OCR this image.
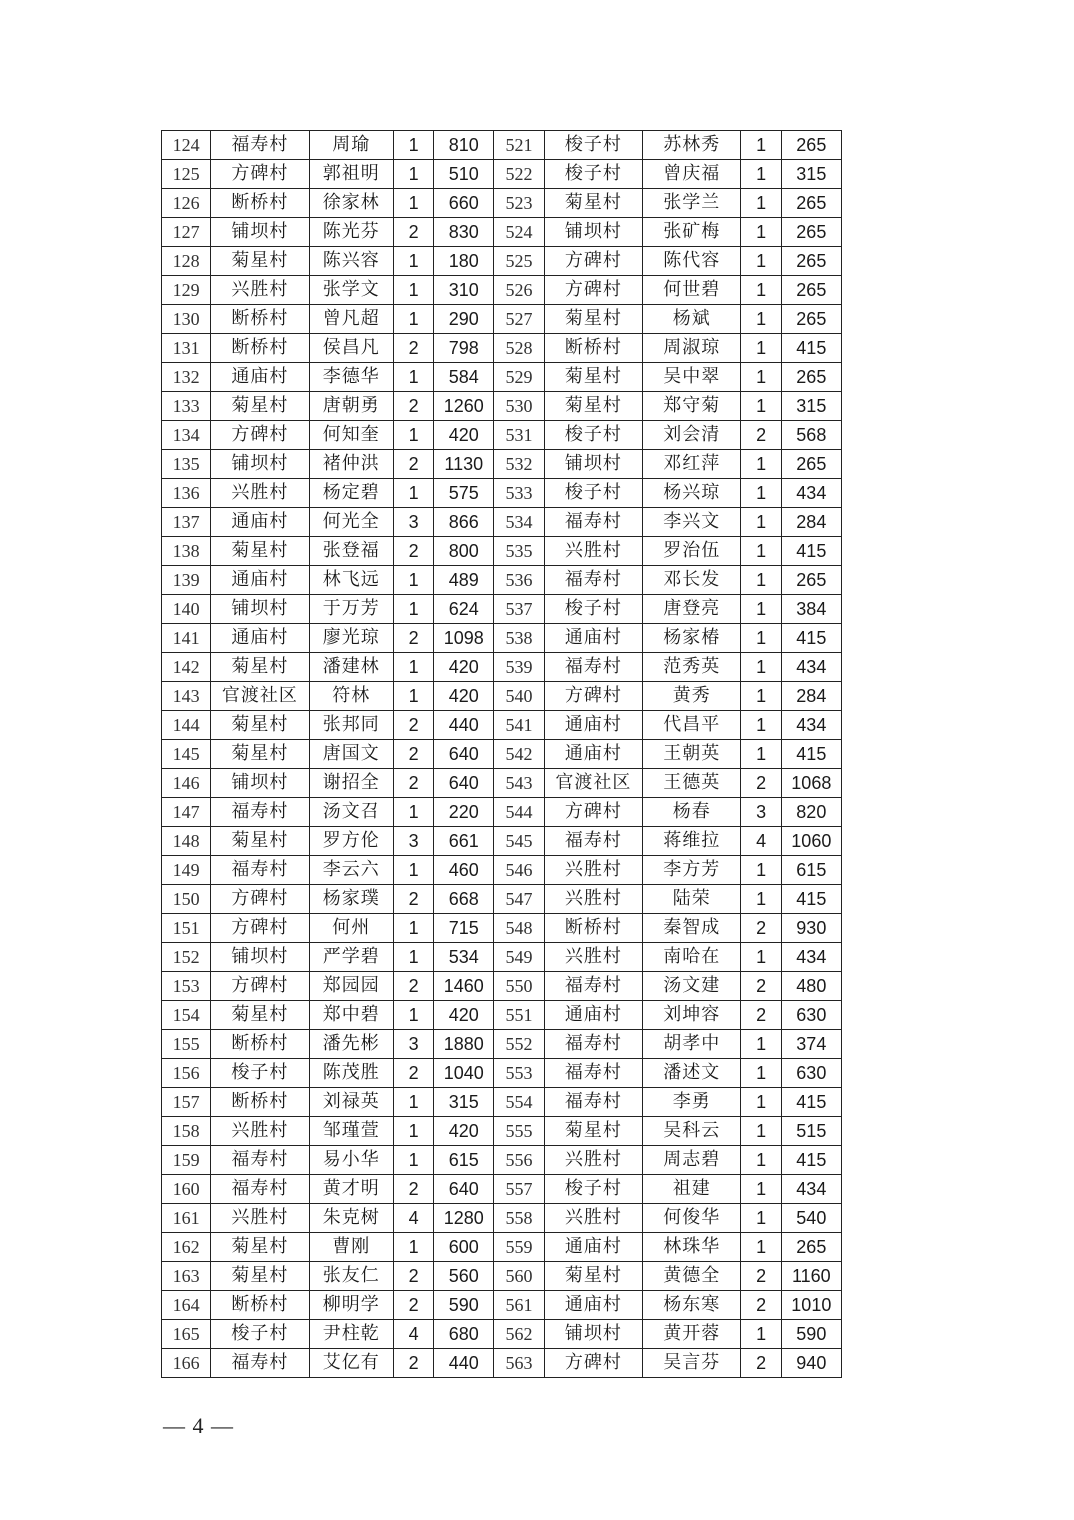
124	福寿村	周瑜	1	810	521	梭子村	苏林秀	1	265
125	方碑村	郭祖明	1	510	522	梭子村	曾庆福	1	315
126	断桥村	徐家林	1	660	523	菊星村	张学兰	1	265
127	铺坝村	陈光芬	2	830	524	铺坝村	张矿梅	1	265
128	菊星村	陈兴容	1	180	525	方碑村	陈代容	1	265
129	兴胜村	张学文	1	310	526	方碑村	何世碧	1	265
130	断桥村	曾凡超	1	290	527	菊星村	杨斌	1	265
131	断桥村	侯昌凡	2	798	528	断桥村	周淑琼	1	415
132	通庙村	李德华	1	584	529	菊星村	吴中翠	1	265
133	菊星村	唐朝勇	2	1260	530	菊星村	郑守菊	1	315
134	方碑村	何知奎	1	420	531	梭子村	刘会清	2	568
135	铺坝村	褚仲洪	2	1130	532	铺坝村	邓红萍	1	265
136	兴胜村	杨定碧	1	575	533	梭子村	杨兴琼	1	434
137	通庙村	何光全	3	866	534	福寿村	李兴文	1	284
138	菊星村	张登福	2	800	535	兴胜村	罗治伍	1	415
139	通庙村	林飞远	1	489	536	福寿村	邓长发	1	265
140	铺坝村	于万芳	1	624	537	梭子村	唐登亮	1	384
141	通庙村	廖光琼	2	1098	538	通庙村	杨家椿	1	415
142	菊星村	潘建林	1	420	539	福寿村	范秀英	1	434
143	官渡社区	符林	1	420	540	方碑村	黄秀	1	284
144	菊星村	张邦同	2	440	541	通庙村	代昌平	1	434
145	菊星村	唐国文	2	640	542	通庙村	王朝英	1	415
146	铺坝村	谢招全	2	640	543	官渡社区	王德英	2	1068
147	福寿村	汤文召	1	220	544	方碑村	杨春	3	820
148	菊星村	罗方伦	3	661	545	福寿村	蒋维拉	4	1060
149	福寿村	李云六	1	460	546	兴胜村	李方芳	1	615
150	方碑村	杨家璞	2	668	547	兴胜村	陆荣	1	415
151	方碑村	何州	1	715	548	断桥村	秦智成	2	930
152	铺坝村	严学碧	1	534	549	兴胜村	南哈在	1	434
153	方碑村	郑园园	2	1460	550	福寿村	汤文建	2	480
154	菊星村	郑中碧	1	420	551	通庙村	刘坤容	2	630
155	断桥村	潘先彬	3	1880	552	福寿村	胡孝中	1	374
156	梭子村	陈茂胜	2	1040	553	福寿村	潘述文	1	630
157	断桥村	刘禄英	1	315	554	福寿村	李勇	1	415
158	兴胜村	邹瑾萱	1	420	555	菊星村	吴科云	1	515
159	福寿村	易小华	1	615	556	兴胜村	周志碧	1	415
160	福寿村	黄才明	2	640	557	梭子村	祖建	1	434
161	兴胜村	朱克树	4	1280	558	兴胜村	何俊华	1	540
162	菊星村	曹刚	1	600	559	通庙村	林珠华	1	265
163	菊星村	张友仁	2	560	560	菊星村	黄德全	2	1160
164	断桥村	柳明学	2	590	561	通庙村	杨东寒	2	1010
165	梭子村	尹柱乾	4	680	562	铺坝村	黄开蓉	1	590
166	福寿村	艾亿有	2	440	563	方碑村	吴言芬	2	940
— 4 —
